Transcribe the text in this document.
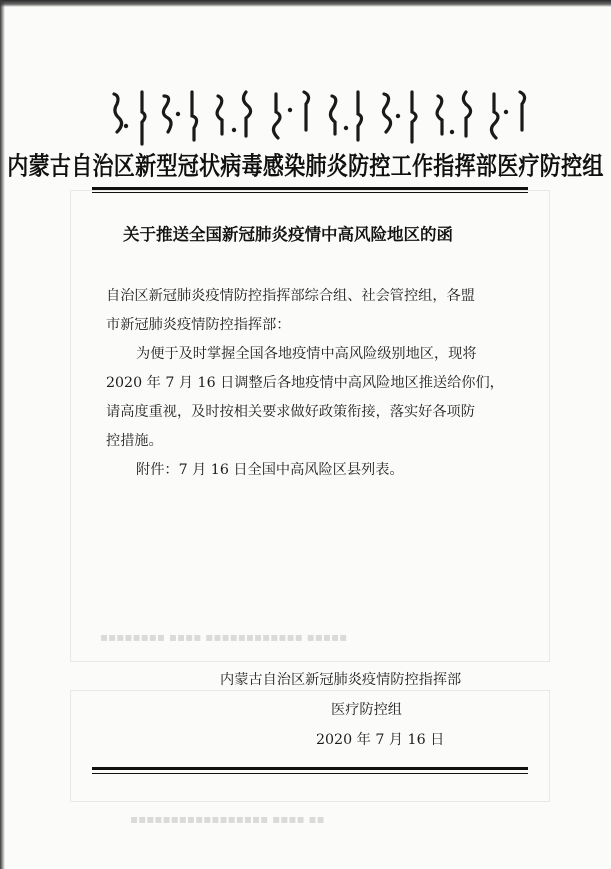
▪▪▪▪▪▪▪▪ ▪▪▪▪ ▪▪▪▪▪▪▪▪▪▪▪▪ ▪▪▪▪▪
▪▪▪▪▪▪▪▪▪▪▪▪▪▪▪▪▪ ▪▪▪▪ ▪▪
内蒙古自治区新型冠状病毒感染肺炎防控工作指挥部医疗防控组
关于推送全国新冠肺炎疫情中高风险地区的函
自治区新冠肺炎疫情防控指挥部综合组、社会管控组，各盟
市新冠肺炎疫情防控指挥部：
为便于及时掌握全国各地疫情中高风险级别地区，现将
2020 年 7 月 16 日调整后各地疫情中高风险地区推送给你们，
请高度重视，及时按相关要求做好政策衔接，落实好各项防
控措施。
附件：7 月 16 日全国中高风险区县列表。
内蒙古自治区新冠肺炎疫情防控指挥部
医疗防控组
2020 年 7 月 16 日
